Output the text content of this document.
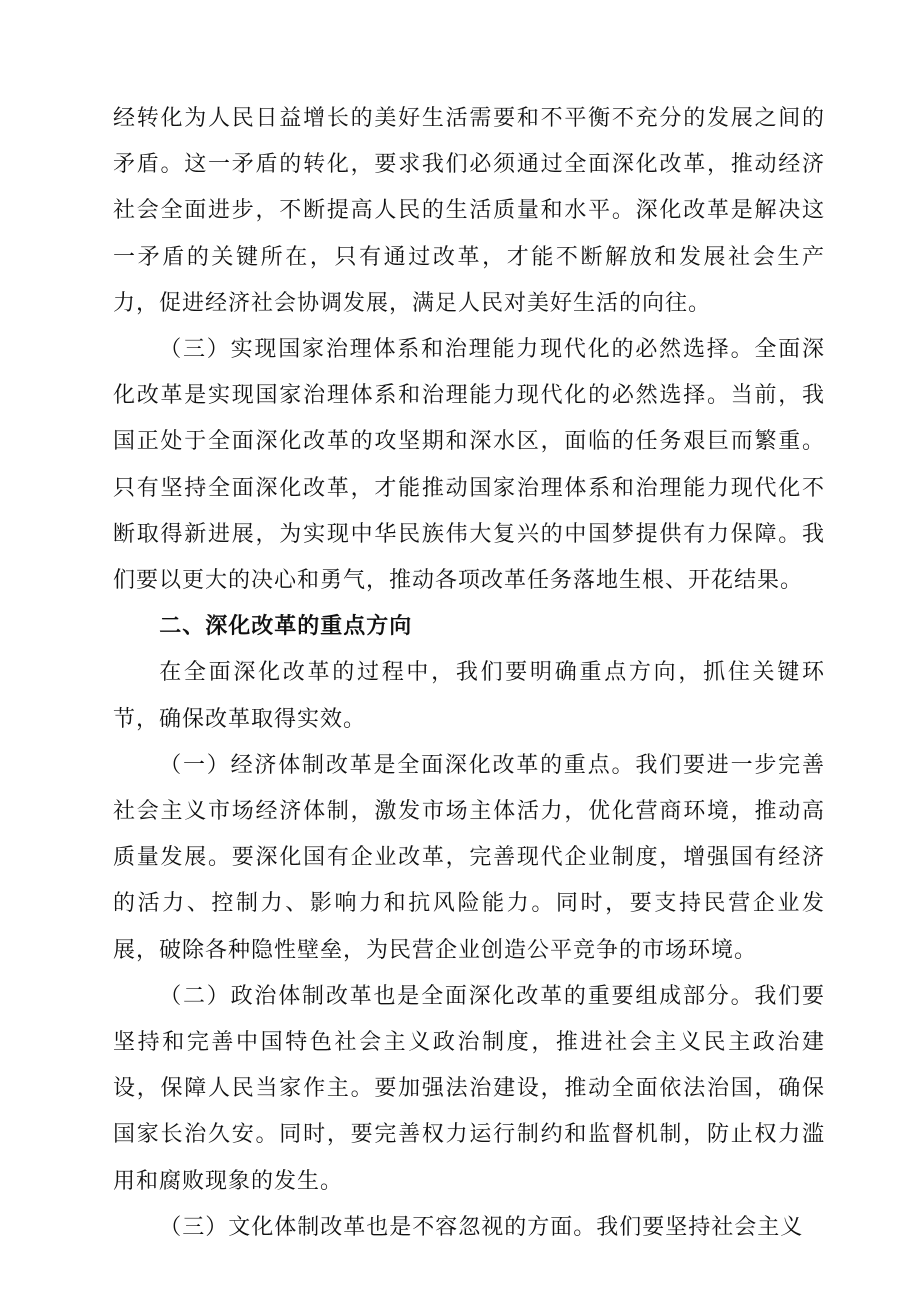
经转化为人民日益增长的美好生活需要和不平衡不充分的发展之间的矛盾。这一矛盾的转化，要求我们必须通过全面深化改革，推动经济社会全面进步，不断提高人民的生活质量和水平。深化改革是解决这一矛盾的关键所在，只有通过改革，才能不断解放和发展社会生产力，促进经济社会协调发展，满足人民对美好生活的向往。

（三）实现国家治理体系和治理能力现代化的必然选择。全面深化改革是实现国家治理体系和治理能力现代化的必然选择。当前，我国正处于全面深化改革的攻坚期和深水区，面临的任务艰巨而繁重。只有坚持全面深化改革，才能推动国家治理体系和治理能力现代化不断取得新进展，为实现中华民族伟大复兴的中国梦提供有力保障。我们要以更大的决心和勇气，推动各项改革任务落地生根、开花结果。

二、深化改革的重点方向

在全面深化改革的过程中，我们要明确重点方向，抓住关键环节，确保改革取得实效。

（一）经济体制改革是全面深化改革的重点。我们要进一步完善社会主义市场经济体制，激发市场主体活力，优化营商环境，推动高质量发展。要深化国有企业改革，完善现代企业制度，增强国有经济的活力、控制力、影响力和抗风险能力。同时，要支持民营企业发展，破除各种隐性壁垒，为民营企业创造公平竞争的市场环境。

（二）政治体制改革也是全面深化改革的重要组成部分。我们要坚持和完善中国特色社会主义政治制度，推进社会主义民主政治建设，保障人民当家作主。要加强法治建设，推动全面依法治国，确保国家长治久安。同时，要完善权力运行制约和监督机制，防止权力滥用和腐败现象的发生。

（三）文化体制改革也是不容忽视的方面。我们要坚持社会主义
